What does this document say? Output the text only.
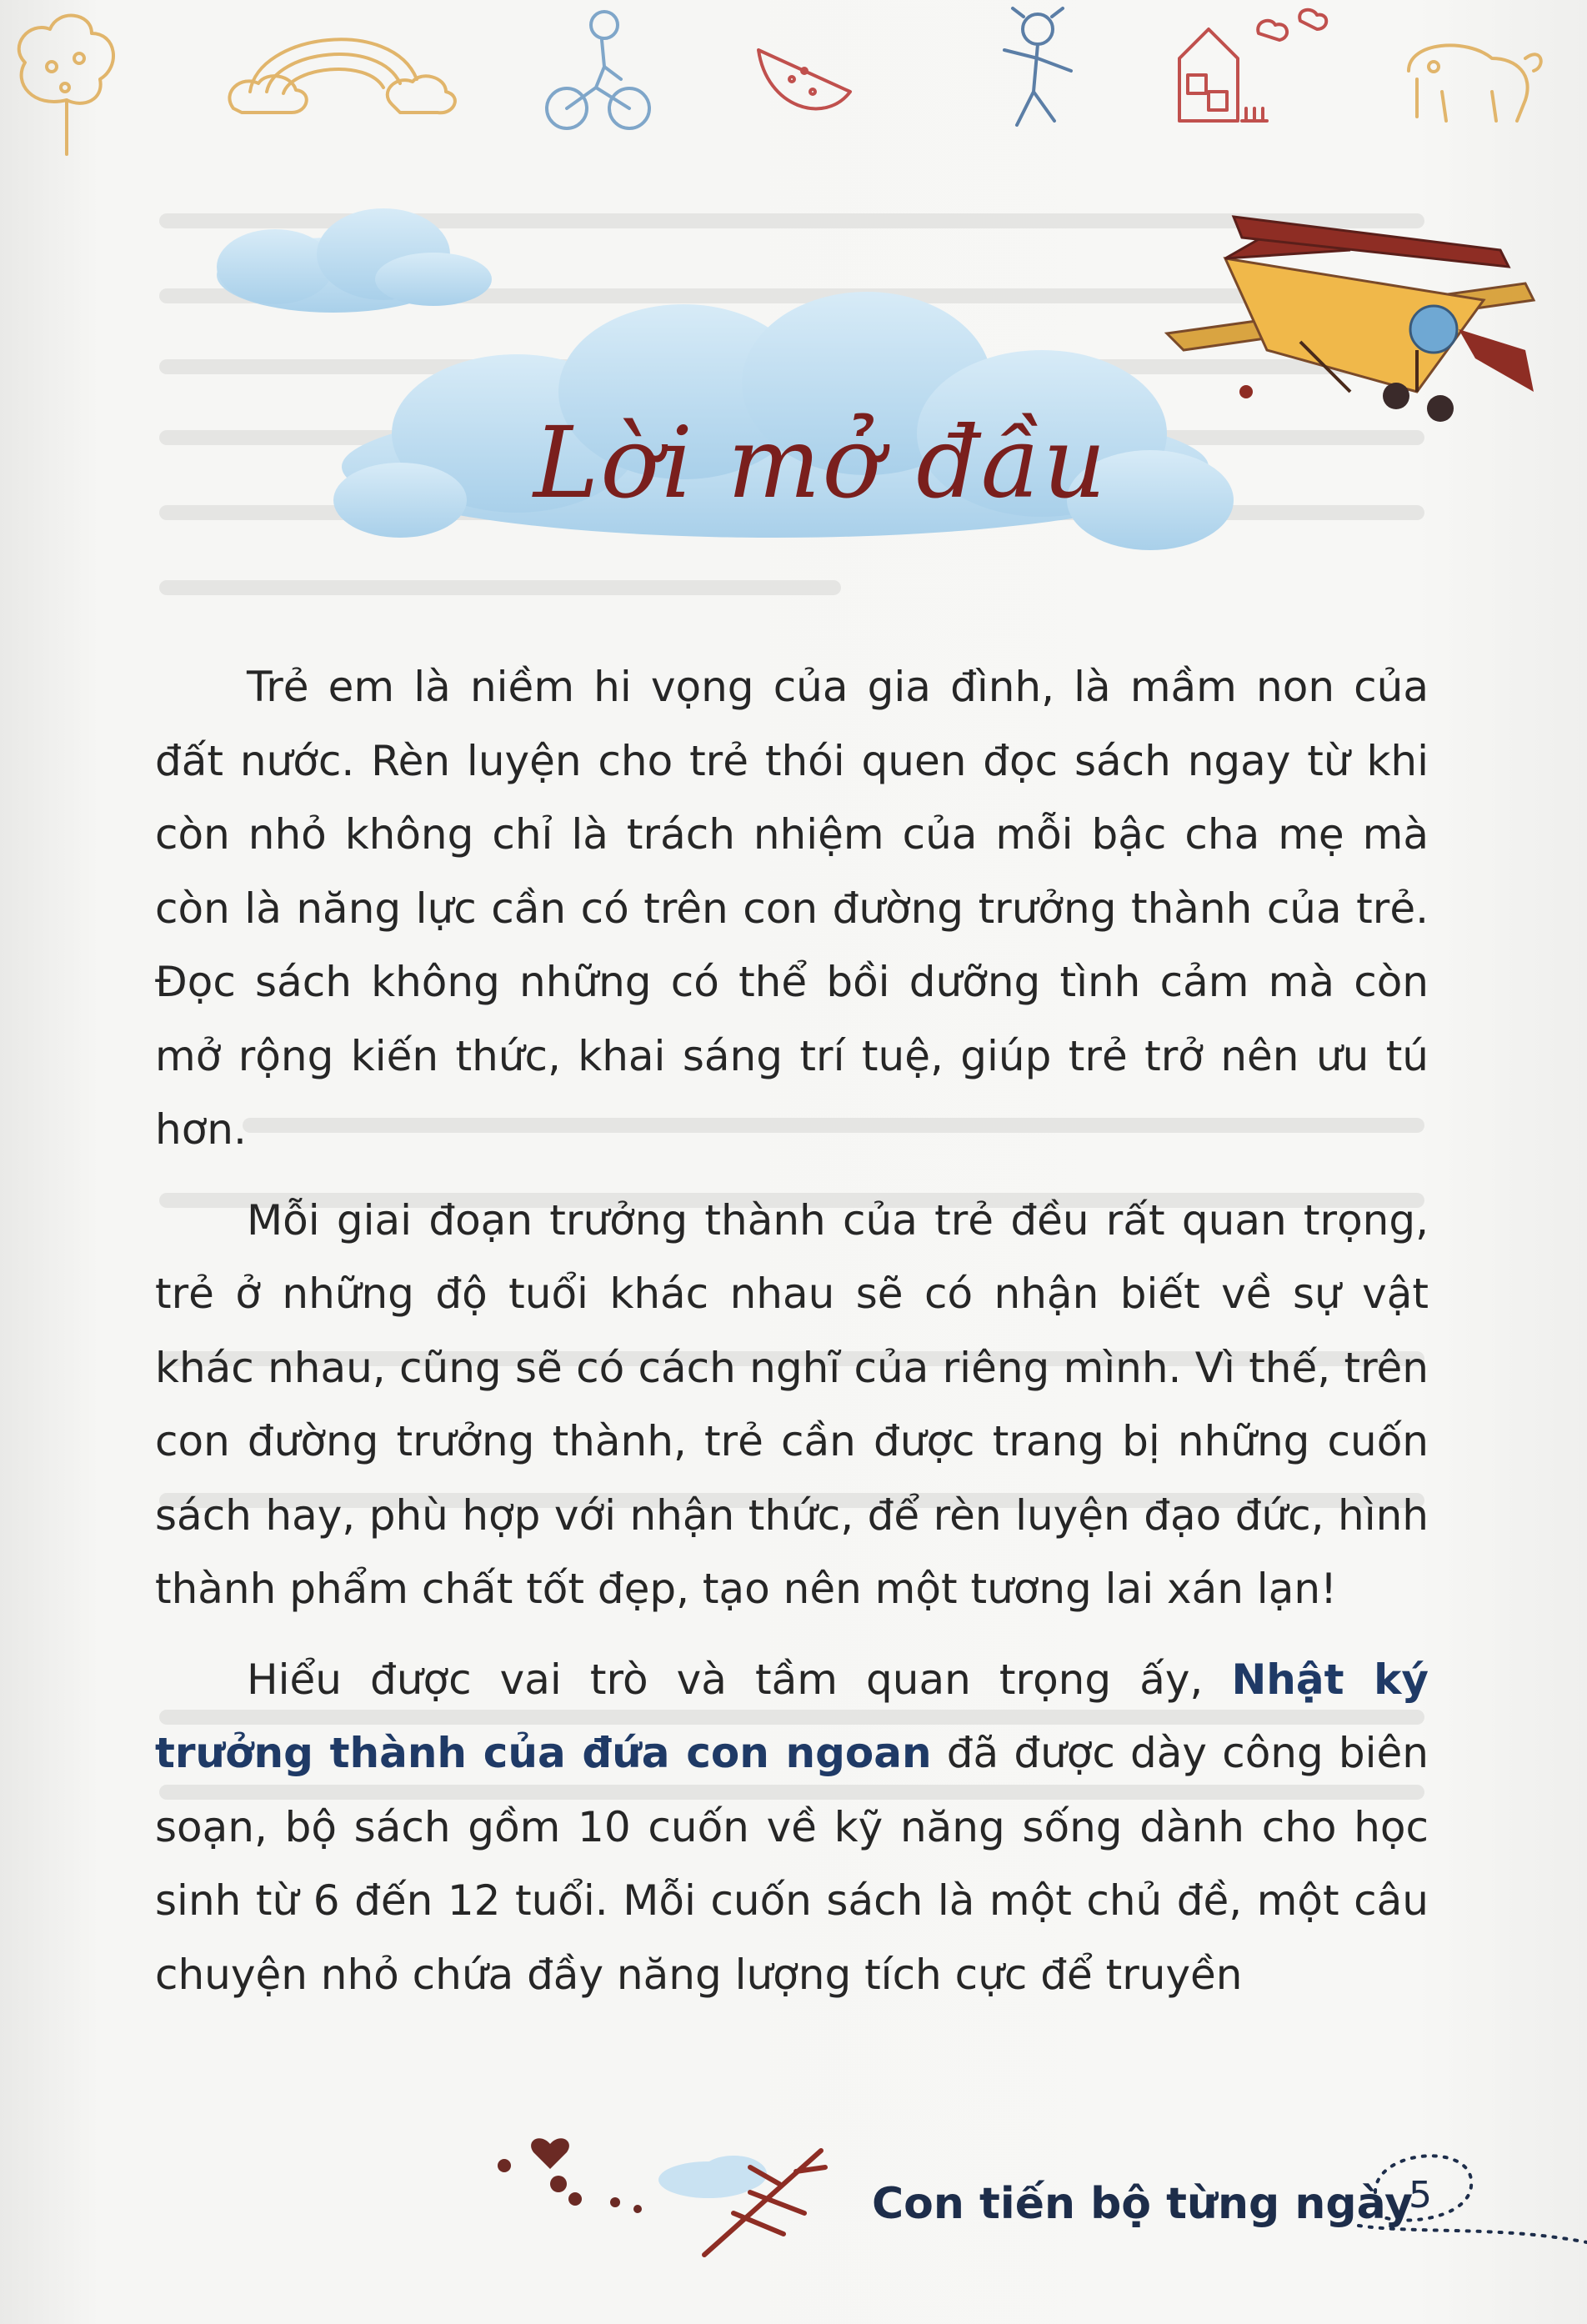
Lời mở đầu

Trẻ em là niềm hi vọng của gia đình, là mầm non của đất nước. Rèn luyện cho trẻ thói quen đọc sách ngay từ khi còn nhỏ không chỉ là trách nhiệm của mỗi bậc cha mẹ mà còn là năng lực cần có trên con đường trưởng thành của trẻ. Đọc sách không những có thể bồi dưỡng tình cảm mà còn mở rộng kiến thức, khai sáng trí tuệ, giúp trẻ trở nên ưu tú hơn.

Mỗi giai đoạn trưởng thành của trẻ đều rất quan trọng, trẻ ở những độ tuổi khác nhau sẽ có nhận biết về sự vật khác nhau, cũng sẽ có cách nghĩ của riêng mình. Vì thế, trên con đường trưởng thành, trẻ cần được trang bị những cuốn sách hay, phù hợp với nhận thức, để rèn luyện đạo đức, hình thành phẩm chất tốt đẹp, tạo nên một tương lai xán lạn!

Hiểu được vai trò và tầm quan trọng ấy, Nhật ký trưởng thành của đứa con ngoan đã được dày công biên soạn, bộ sách gồm 10 cuốn về kỹ năng sống dành cho học sinh từ 6 đến 12 tuổi. Mỗi cuốn sách là một chủ đề, một câu chuyện nhỏ chứa đầy năng lượng tích cực để truyền

Con tiến bộ từng ngày
5
